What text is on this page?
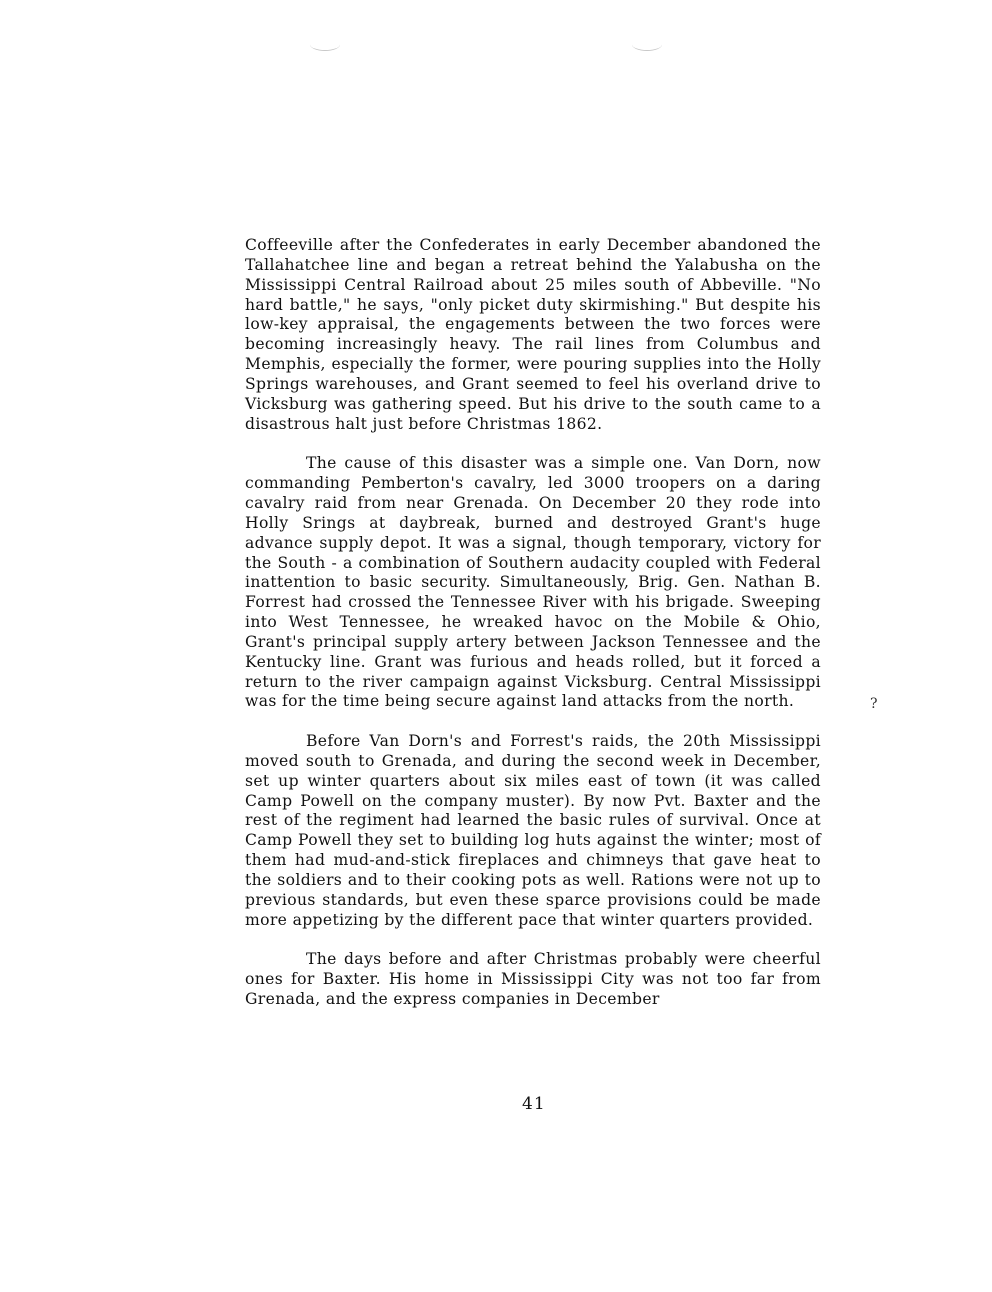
Coffeeville after the Confederates in early December abandoned the Tallahatchee line and began a retreat behind the Yalabusha on the Mississippi Central Railroad about 25 miles south of Abbeville. "No hard battle," he says, "only picket duty skirmishing." But despite his low-key appraisal, the engagements between the two forces were becoming increasingly heavy. The rail lines from Columbus and Memphis, especially the former, were pouring supplies into the Holly Springs warehouses, and Grant seemed to feel his overland drive to Vicksburg was gathering speed. But his drive to the south came to a disastrous halt just before Christmas 1862.

The cause of this disaster was a simple one. Van Dorn, now commanding Pemberton's cavalry, led 3000 troopers on a daring cavalry raid from near Grenada. On December 20 they rode into Holly Srings at daybreak, burned and destroyed Grant's huge advance supply depot. It was a signal, though temporary, victory for the South - a combination of Southern audacity coupled with Federal inattention to basic security. Simultaneously, Brig. Gen. Nathan B. Forrest had crossed the Tennessee River with his brigade. Sweeping into West Tennessee, he wreaked havoc on the Mobile & Ohio, Grant's principal supply artery between Jackson Tennessee and the Kentucky line. Grant was furious and heads rolled, but it forced a return to the river campaign against Vicksburg. Central Mississippi was for the time being secure against land attacks from the north.

Before Van Dorn's and Forrest's raids, the 20th Mississippi moved south to Grenada, and during the second week in December, set up winter quarters about six miles east of town (it was called Camp Powell on the company muster). By now Pvt. Baxter and the rest of the regiment had learned the basic rules of survival. Once at Camp Powell they set to building log huts against the winter; most of them had mud-and-stick fireplaces and chimneys that gave heat to the soldiers and to their cooking pots as well. Rations were not up to previous standards, but even these sparce provisions could be made more appetizing by the different pace that winter quarters provided.

The days before and after Christmas probably were cheerful ones for Baxter. His home in Mississippi City was not too far from Grenada, and the express companies in December

?
41
